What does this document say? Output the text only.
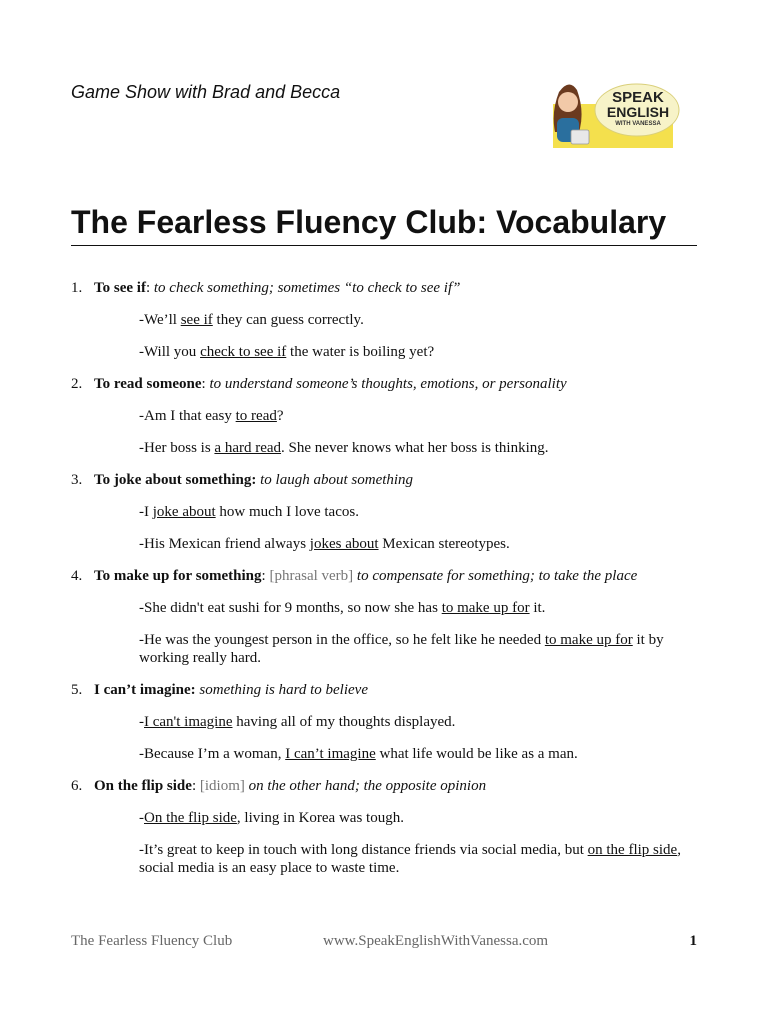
Game Show with Brad and Becca	SPEAK
ENGLISH
WITH VANESSA
The Fearless Fluency Club: Vocabulary
1. To see if: to check something; sometimes “to check to see if”
-We’ll see if they can guess correctly.
-Will you check to see if the water is boiling yet?
2. To read someone: to understand someone’s thoughts, emotions, or personality
-Am I that easy to read?
-Her boss is a hard read. She never knows what her boss is thinking.
3. To joke about something: to laugh about something
-I joke about how much I love tacos.
-His Mexican friend always jokes about Mexican stereotypes.
4. To make up for something: [phrasal verb] to compensate for something; to take the place
-She didn't eat sushi for 9 months, so now she has to make up for it.
-He was the youngest person in the office, so he felt like he needed to make up for it by working really hard.
5. I can’t imagine: something is hard to believe
-I can't imagine having all of my thoughts displayed.
-Because I’m a woman, I can’t imagine what life would be like as a man.
6. On the flip side: [idiom] on the other hand; the opposite opinion
-On the flip side, living in Korea was tough.
-It’s great to keep in touch with long distance friends via social media, but on the flip side, social media is an easy place to waste time.
The Fearless Fluency Club	www.SpeakEnglishWithVanessa.com	1
